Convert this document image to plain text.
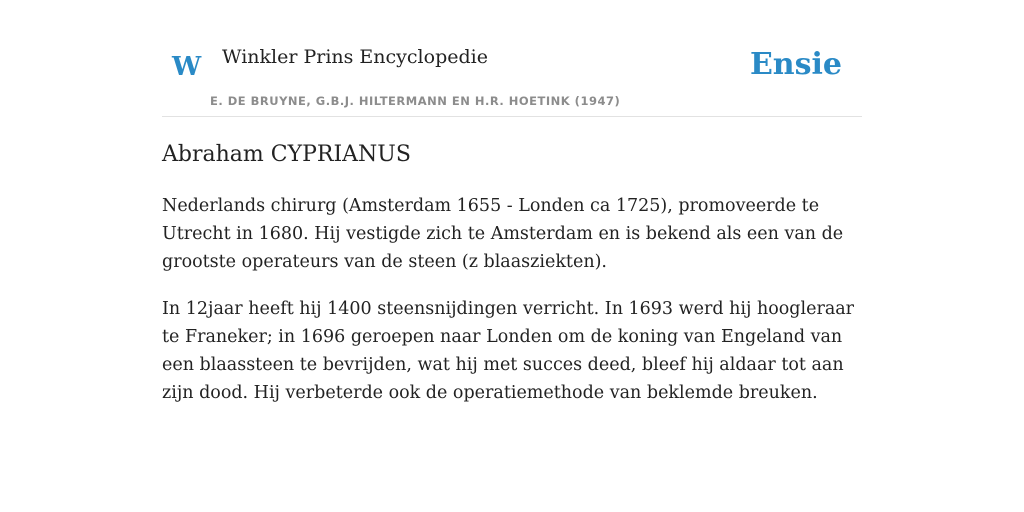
W Winkler Prins Encyclopedie
E. DE BRUYNE, G.B.J. HILTERMANN EN H.R. HOETINK (1947)
Ensie
Abraham CYPRIANUS

Nederlands chirurg (Amsterdam 1655 - Londen ca 1725), promoveerde te Utrecht in 1680. Hij vestigde zich te Amsterdam en is bekend als een van de grootste operateurs van de steen (z blaasziekten).

In 12jaar heeft hij 1400 steensnijdingen verricht. In 1693 werd hij hoogleraar te Franeker; in 1696 geroepen naar Londen om de koning van Engeland van een blaassteen te bevrijden, wat hij met succes deed, bleef hij aldaar tot aan zijn dood. Hij verbeterde ook de operatiemethode van beklemde breuken.
